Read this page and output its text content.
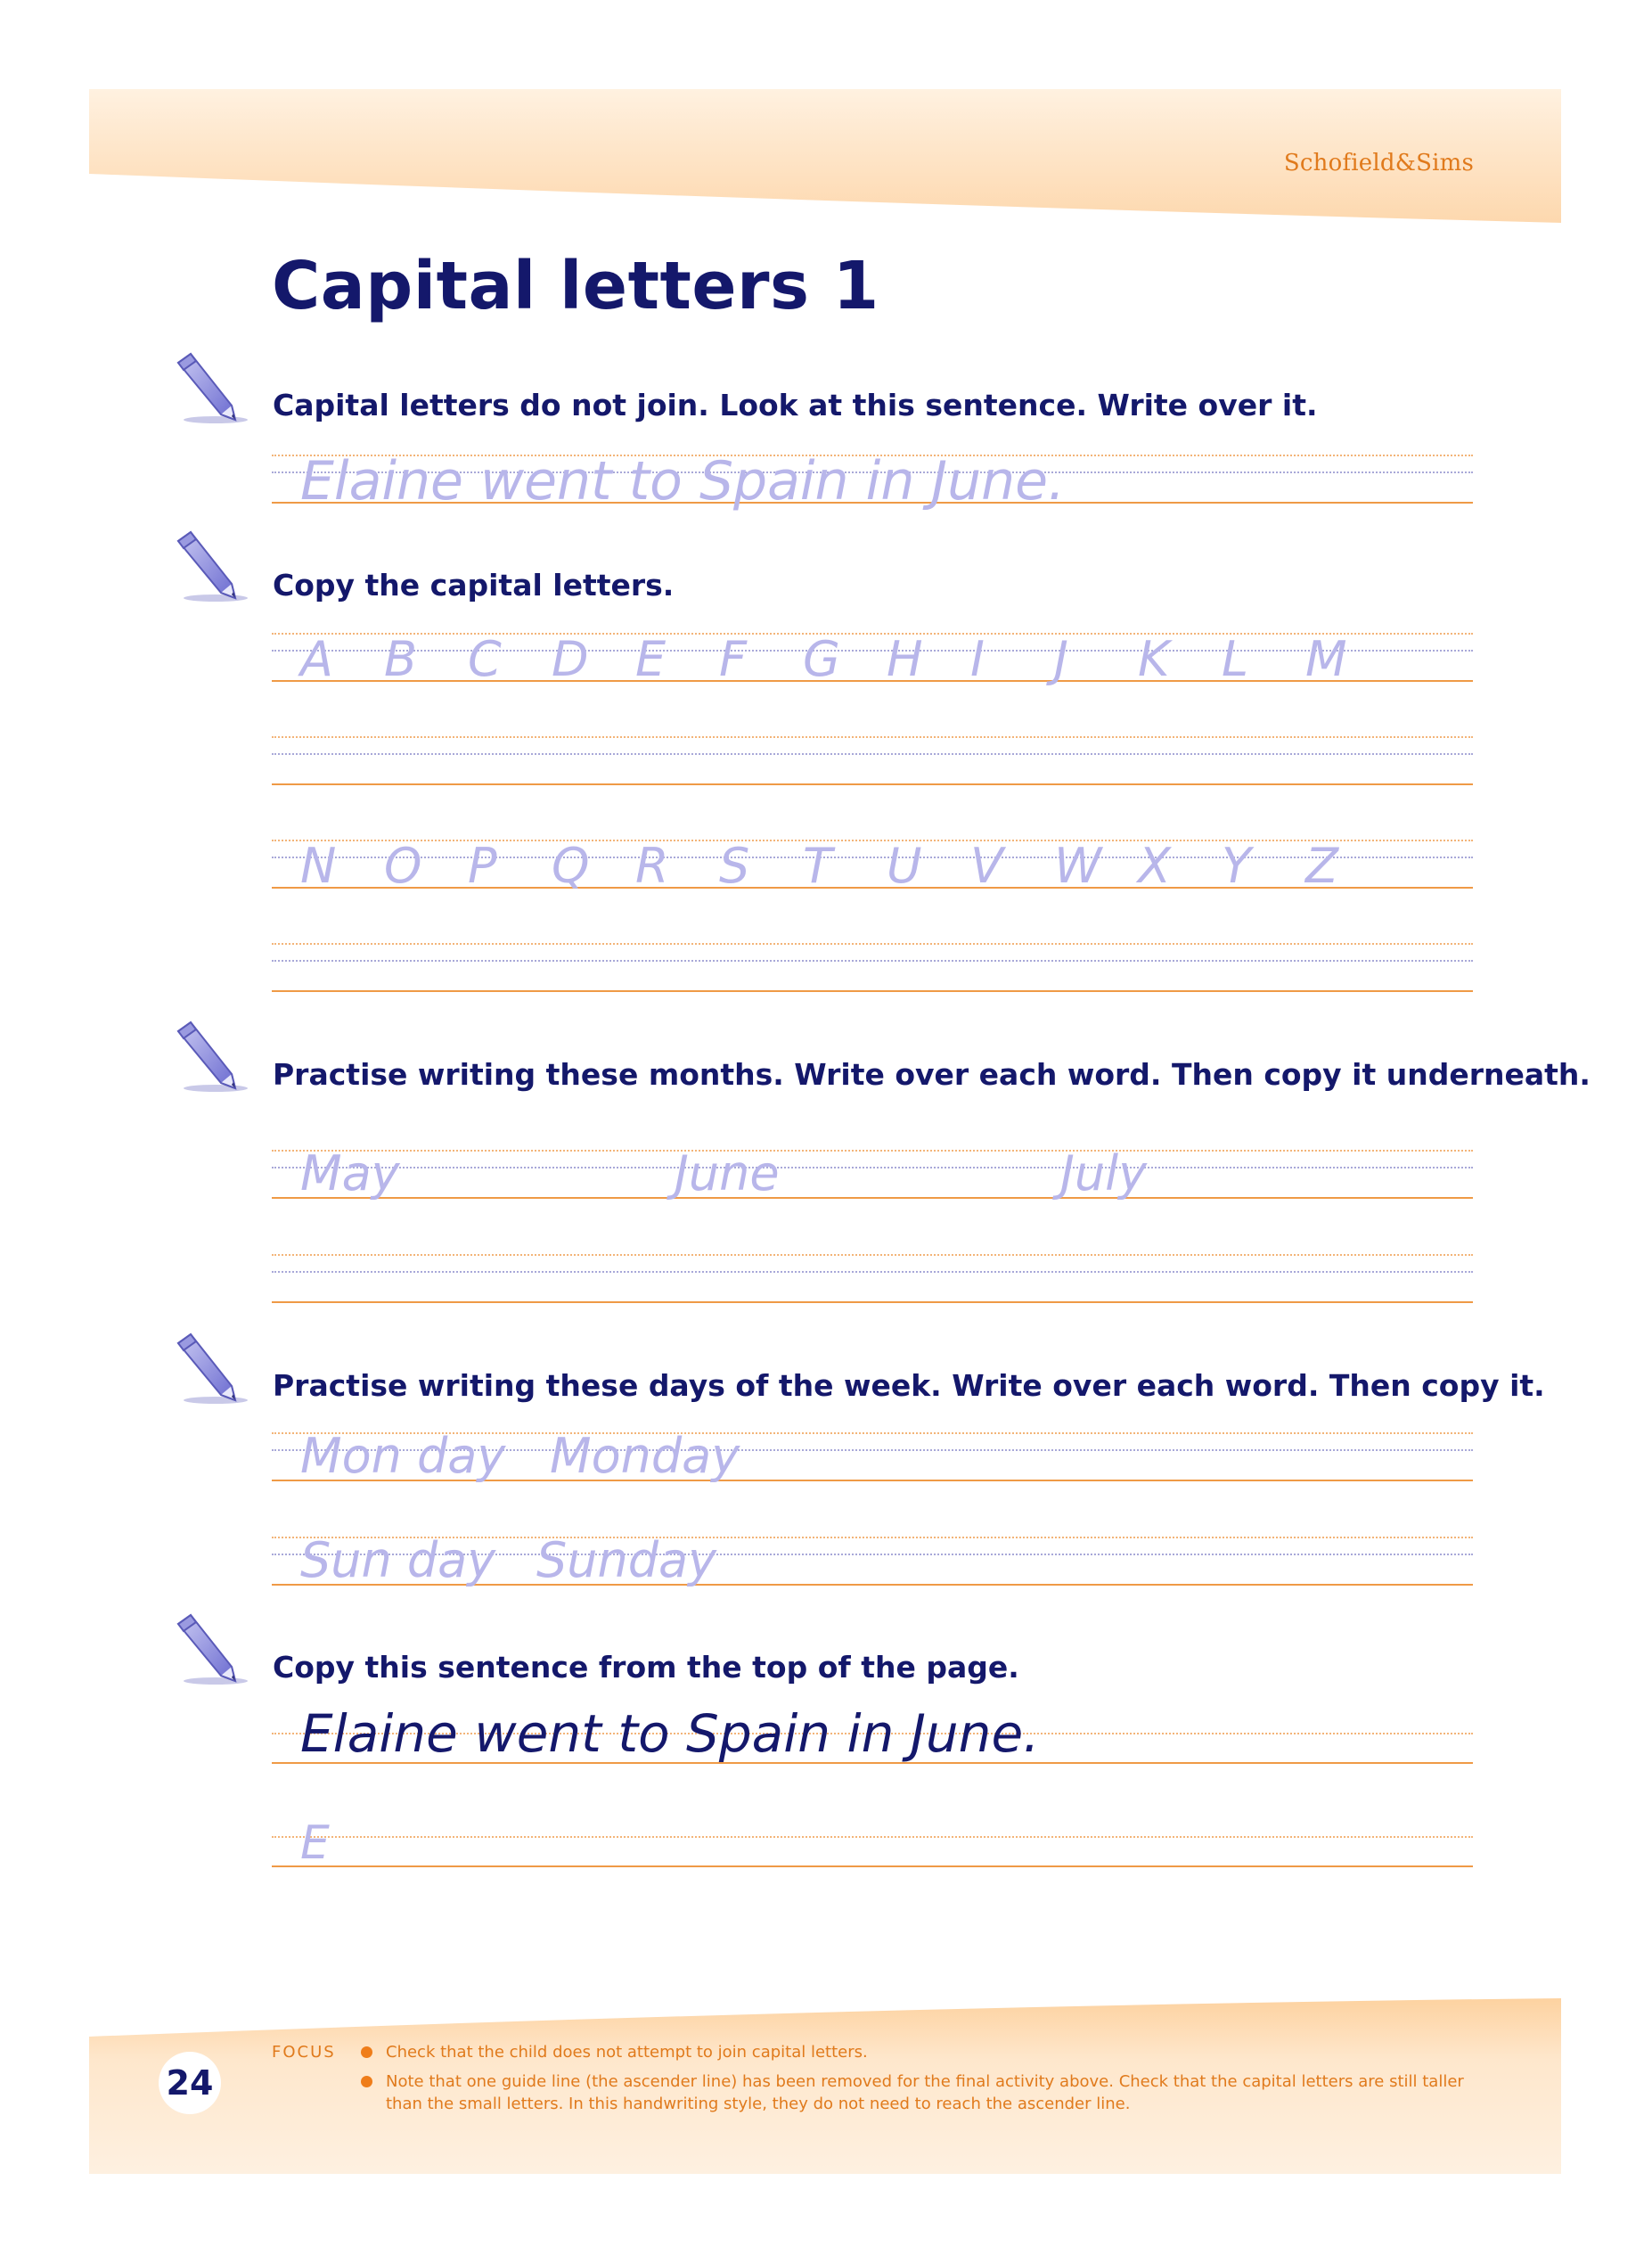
Schofield&Sims
Capital letters 1
Capital letters do not join. Look at this sentence. Write over it.
Elaine went to Spain in June.
Copy the capital letters.
A	B	C	D E	F	G H I	J	K	L	M
N O P	Q R	S	T	U	V	W X	Y	Z
Practise writing these months. Write over each word. Then copy it underneath.
May	June	July
Practise writing these days of the week. Write over each word. Then copy it.
Mon day Monday
Sun day Sunday
Copy this sentence from the top of the page.
Elaine went to Spain in June.
E
24
FOCUS	Check that the child does not attempt to join capital letters.
Note that one guide line (the ascender line) has been removed for the final activity above. Check that the capital letters are still taller than the small letters. In this handwriting style, they do not need to reach the ascender line.
